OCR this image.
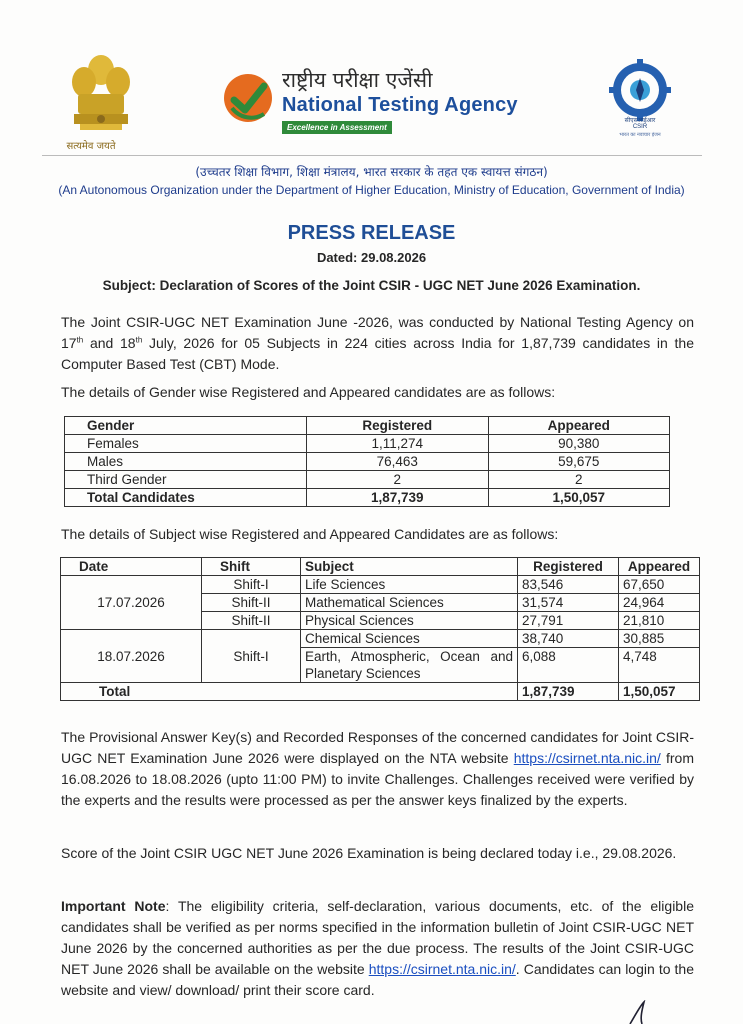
सत्यमेव जयते
राष्ट्रीय परीक्षा एजेंसी
National Testing Agency
Excellence in Assessment
सीएसआईआर
CSIR
भारत का नवाचार इंजन
(उच्चतर शिक्षा विभाग, शिक्षा मंत्रालय, भारत सरकार के तहत एक स्वायत्त संगठन)
(An Autonomous Organization under the Department of Higher Education, Ministry of Education, Government of India)
PRESS RELEASE
Dated: 29.08.2026
Subject: Declaration of Scores of the Joint CSIR - UGC NET June 2026 Examination.
The Joint CSIR-UGC NET Examination June -2026, was conducted by National Testing Agency on 17th and 18th July, 2026 for 05 Subjects in 224 cities across India for 1,87,739 candidates in the Computer Based Test (CBT) Mode.
The details of Gender wise Registered and Appeared candidates are as follows:
Gender	Registered	Appeared
Females	1,11,274	90,380
Males	76,463	59,675
Third Gender	2	2
Total Candidates	1,87,739	1,50,057
The details of Subject wise Registered and Appeared Candidates are as follows:
Date	Shift	Subject	Registered	Appeared
17.07.2026	Shift-I	Life Sciences	83,546	67,650
	Shift-II	Mathematical Sciences	31,574	24,964
	Shift-II	Physical Sciences	27,791	21,810
18.07.2026	Shift-I	Chemical Sciences	38,740	30,885
		Earth, Atmospheric, Ocean and Planetary Sciences	6,088	4,748
Total			1,87,739	1,50,057
The Provisional Answer Key(s) and Recorded Responses of the concerned candidates for Joint CSIR-UGC NET Examination June 2026 were displayed on the NTA website https://csirnet.nta.nic.in/ from 16.08.2026 to 18.08.2026 (upto 11:00 PM) to invite Challenges. Challenges received were verified by the experts and the results were processed as per the answer keys finalized by the experts.
Score of the Joint CSIR UGC NET June 2026 Examination is being declared today i.e., 29.08.2026.
Important Note: The eligibility criteria, self-declaration, various documents, etc. of the eligible candidates shall be verified as per norms specified in the information bulletin of Joint CSIR-UGC NET June 2026 by the concerned authorities as per the due process. The results of the Joint CSIR-UGC NET June 2026 shall be available on the website https://csirnet.nta.nic.in/. Candidates can login to the website and view/ download/ print their score card.
